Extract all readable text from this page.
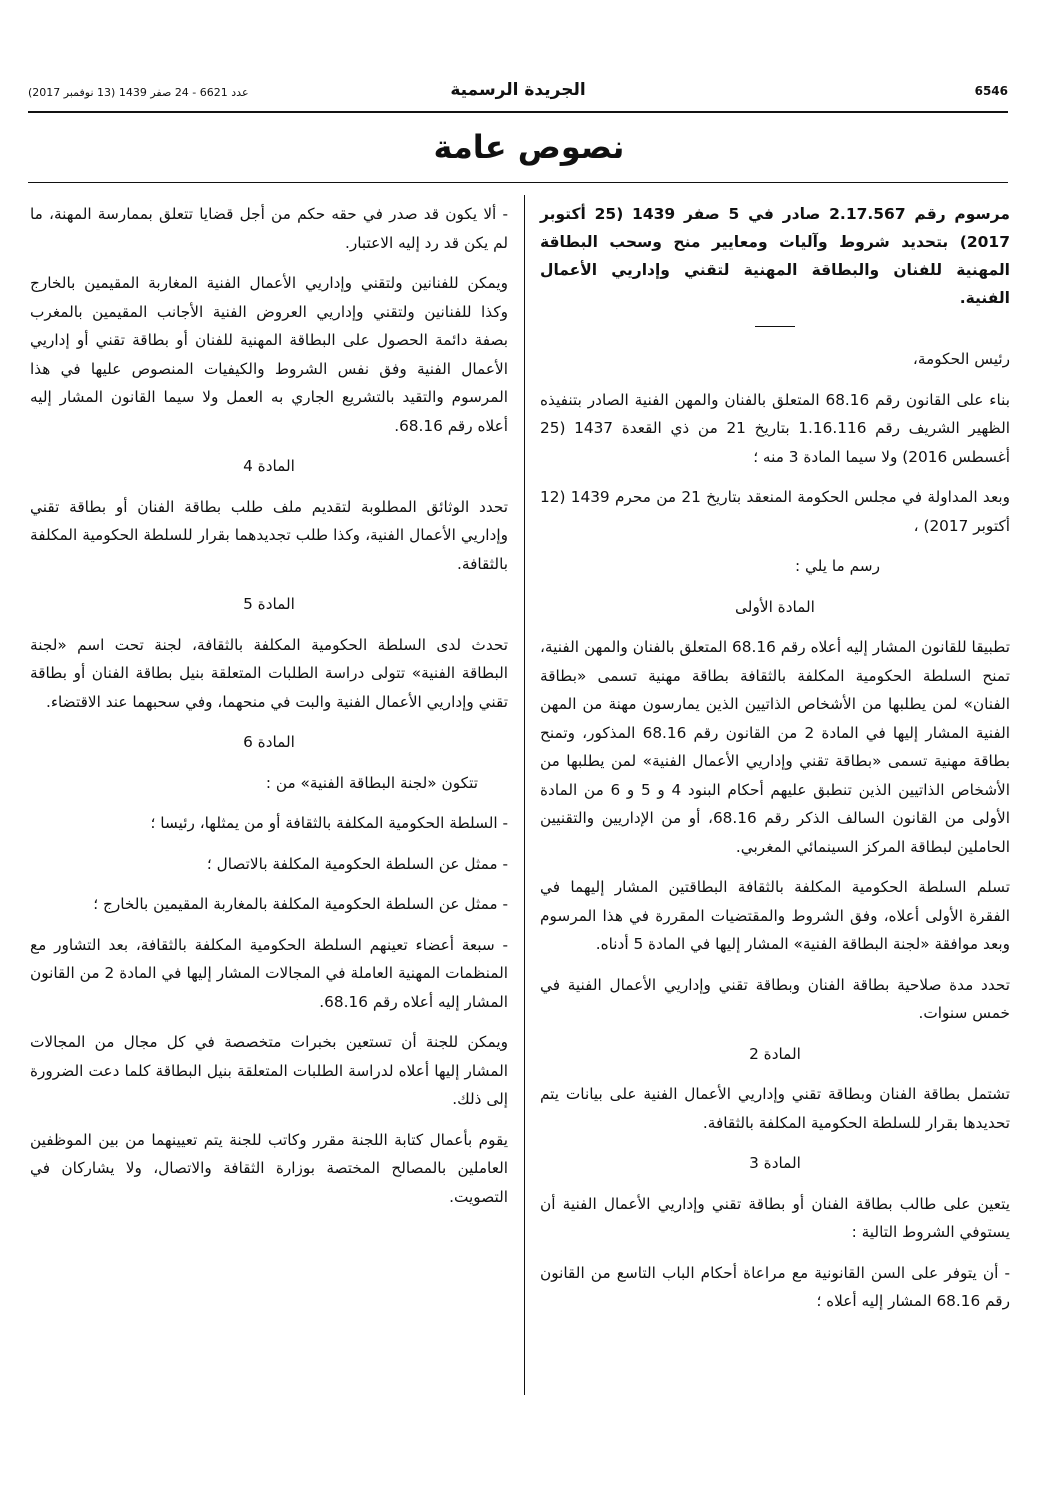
6546
الجريدة الرسمية
عدد 6621 - 24 صفر 1439 (13 نوفمبر 2017)
نصوص عامة

مرسوم رقم 2.17.567 صادر في 5 صفر 1439 (25 أكتوبر 2017) بتحديد شروط وآليات ومعايير منح وسحب البطاقة المهنية للفنان والبطاقة المهنية لتقني وإداريي الأعمال الفنية.

رئيس الحكومة،

بناء على القانون رقم 68.16 المتعلق بالفنان والمهن الفنية الصادر بتنفيذه الظهير الشريف رقم 1.16.116 بتاريخ 21 من ذي القعدة 1437 (25 أغسطس 2016) ولا سيما المادة 3 منه ؛

وبعد المداولة في مجلس الحكومة المنعقد بتاريخ 21 من محرم 1439 (12 أكتوبر 2017) ،

رسم ما يلي :

المادة الأولى

تطبيقا للقانون المشار إليه أعلاه رقم 68.16 المتعلق بالفنان والمهن الفنية، تمنح السلطة الحكومية المكلفة بالثقافة بطاقة مهنية تسمى «بطاقة الفنان» لمن يطلبها من الأشخاص الذاتيين الذين يمارسون مهنة من المهن الفنية المشار إليها في المادة 2 من القانون رقم 68.16 المذكور، وتمنح بطاقة مهنية تسمى «بطاقة تقني وإداريي الأعمال الفنية» لمن يطلبها من الأشخاص الذاتيين الذين تنطبق عليهم أحكام البنود 4 و 5 و 6 من المادة الأولى من القانون السالف الذكر رقم 68.16، أو من الإداريين والتقنيين الحاملين لبطاقة المركز السينمائي المغربي.

تسلم السلطة الحكومية المكلفة بالثقافة البطاقتين المشار إليهما في الفقرة الأولى أعلاه، وفق الشروط والمقتضيات المقررة في هذا المرسوم وبعد موافقة «لجنة البطاقة الفنية» المشار إليها في المادة 5 أدناه.

تحدد مدة صلاحية بطاقة الفنان وبطاقة تقني وإداريي الأعمال الفنية في خمس سنوات.

المادة 2

تشتمل بطاقة الفنان وبطاقة تقني وإداريي الأعمال الفنية على بيانات يتم تحديدها بقرار للسلطة الحكومية المكلفة بالثقافة.

المادة 3

يتعين على طالب بطاقة الفنان أو بطاقة تقني وإداريي الأعمال الفنية أن يستوفي الشروط التالية :

- أن يتوفر على السن القانونية مع مراعاة أحكام الباب التاسع من القانون رقم 68.16 المشار إليه أعلاه ؛

- ألا يكون قد صدر في حقه حكم من أجل قضايا تتعلق بممارسة المهنة، ما لم يكن قد رد إليه الاعتبار.

ويمكن للفنانين ولتقني وإداريي الأعمال الفنية المغاربة المقيمين بالخارج وكذا للفنانين ولتقني وإداريي العروض الفنية الأجانب المقيمين بالمغرب بصفة دائمة الحصول على البطاقة المهنية للفنان أو بطاقة تقني أو إداريي الأعمال الفنية وفق نفس الشروط والكيفيات المنصوص عليها في هذا المرسوم والتقيد بالتشريع الجاري به العمل ولا سيما القانون المشار إليه أعلاه رقم 68.16.

المادة 4

تحدد الوثائق المطلوبة لتقديم ملف طلب بطاقة الفنان أو بطاقة تقني وإداريي الأعمال الفنية، وكذا طلب تجديدهما بقرار للسلطة الحكومية المكلفة بالثقافة.

المادة 5

تحدث لدى السلطة الحكومية المكلفة بالثقافة، لجنة تحت اسم «لجنة البطاقة الفنية» تتولى دراسة الطلبات المتعلقة بنيل بطاقة الفنان أو بطاقة تقني وإداريي الأعمال الفنية والبت في منحهما، وفي سحبهما عند الاقتضاء.

المادة 6

تتكون «لجنة البطاقة الفنية» من :

- السلطة الحكومية المكلفة بالثقافة أو من يمثلها، رئيسا ؛

- ممثل عن السلطة الحكومية المكلفة بالاتصال ؛

- ممثل عن السلطة الحكومية المكلفة بالمغاربة المقيمين بالخارج ؛

- سبعة أعضاء تعينهم السلطة الحكومية المكلفة بالثقافة، بعد التشاور مع المنظمات المهنية العاملة في المجالات المشار إليها في المادة 2 من القانون المشار إليه أعلاه رقم 68.16.

ويمكن للجنة أن تستعين بخبرات متخصصة في كل مجال من المجالات المشار إليها أعلاه لدراسة الطلبات المتعلقة بنيل البطاقة كلما دعت الضرورة إلى ذلك.

يقوم بأعمال كتابة اللجنة مقرر وكاتب للجنة يتم تعيينهما من بين الموظفين العاملين بالمصالح المختصة بوزارة الثقافة والاتصال، ولا يشاركان في التصويت.
